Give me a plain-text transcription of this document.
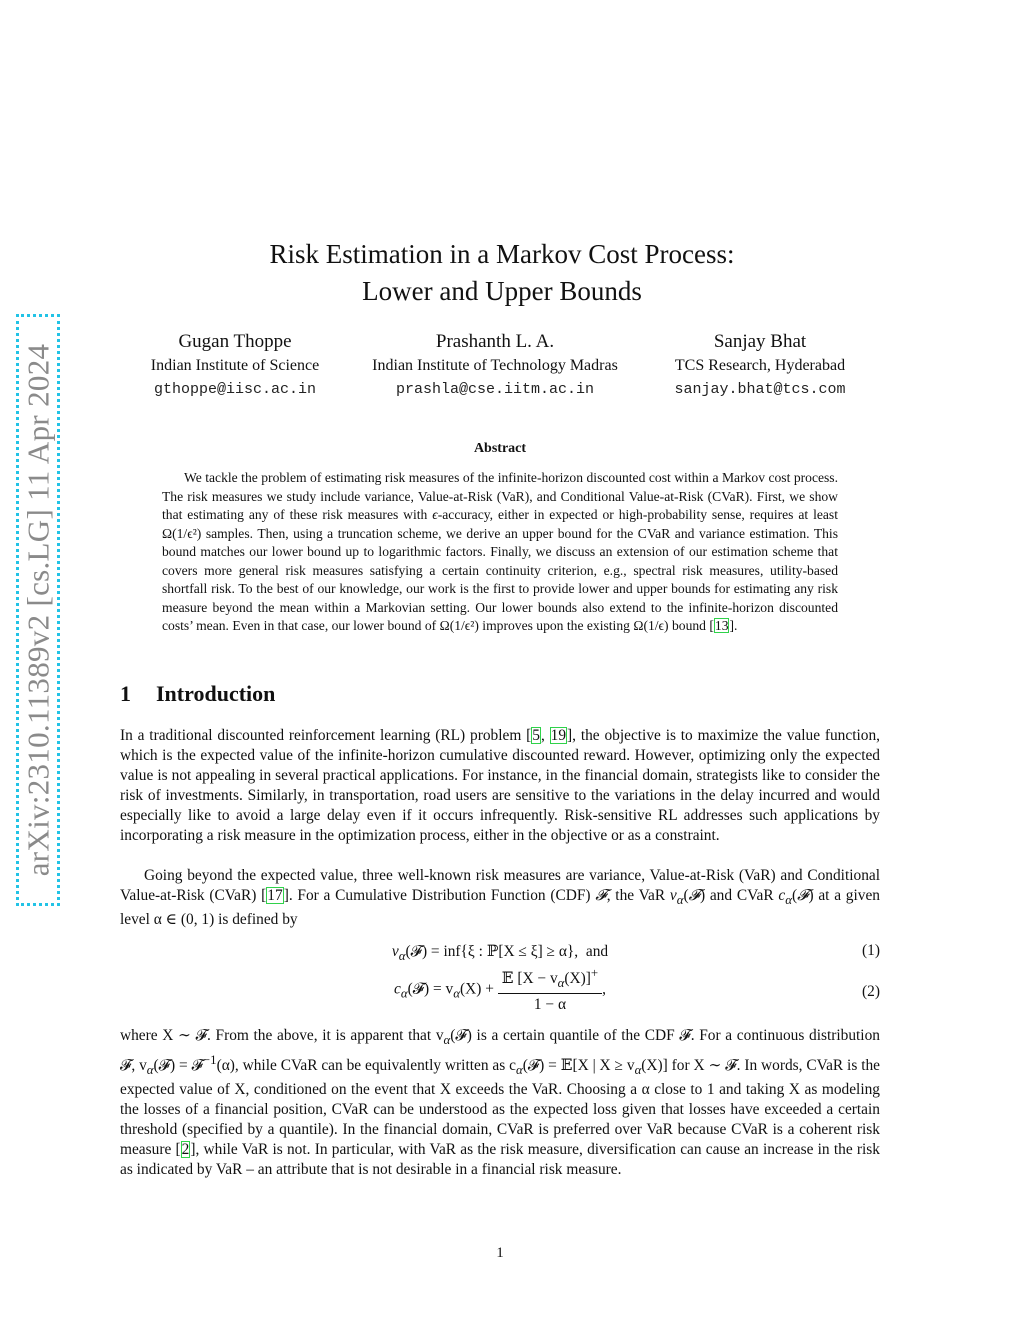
arXiv:2310.11389v2 [cs.LG] 11 Apr 2024
Risk Estimation in a Markov Cost Process:
Lower and Upper Bounds
Gugan Thoppe
Indian Institute of Science
gthoppe@iisc.ac.in
Prashanth L. A.
Indian Institute of Technology Madras
prashla@cse.iitm.ac.in
Sanjay Bhat
TCS Research, Hyderabad
sanjay.bhat@tcs.com
Abstract

We tackle the problem of estimating risk measures of the infinite-horizon discounted cost within a Markov cost process. The risk measures we study include variance, Value-at-Risk (VaR), and Conditional Value-at-Risk (CVaR). First, we show that estimating any of these risk measures with ϵ-accuracy, either in expected or high-probability sense, requires at least Ω(1/ϵ²) samples. Then, using a truncation scheme, we derive an upper bound for the CVaR and variance estimation. This bound matches our lower bound up to logarithmic factors. Finally, we discuss an extension of our estimation scheme that covers more general risk measures satisfying a certain continuity criterion, e.g., spectral risk measures, utility-based shortfall risk. To the best of our knowledge, our work is the first to provide lower and upper bounds for estimating any risk measure beyond the mean within a Markovian setting. Our lower bounds also extend to the infinite-horizon discounted costs’ mean. Even in that case, our lower bound of Ω(1/ϵ²) improves upon the existing Ω(1/ϵ) bound [13].

1 Introduction

In a traditional discounted reinforcement learning (RL) problem [5, 19], the objective is to maximize the value function, which is the expected value of the infinite-horizon cumulative discounted reward. However, optimizing only the expected value is not appealing in several practical applications. For instance, in the financial domain, strategists like to consider the risk of investments. Similarly, in transportation, road users are sensitive to the variations in the delay incurred and would especially like to avoid a large delay even if it occurs infrequently. Risk-sensitive RL addresses such applications by incorporating a risk measure in the optimization process, either in the objective or as a constraint.

Going beyond the expected value, three well-known risk measures are variance, Value-at-Risk (VaR) and Conditional Value-at-Risk (CVaR) [17]. For a Cumulative Distribution Function (CDF) 𝓕, the VaR $v_\alpha(𝓕)$ and CVaR $c_\alpha(𝓕)$ at a given level α ∈ (0, 1) is defined by

$v_\alpha(𝓕) = inf\{\xi$ : ℙ[X ≤ ξ] ≥ α}, and	(1)
$c_\alpha(𝓕) = v_\alpha(X) + \frac{𝔼 [X - v_\alpha(X)]^+}{1 - \alpha}$ ,	(2)

where X ∼ 𝓕. From the above, it is apparent that $v_\alpha(𝓕)$ is a certain quantile of the CDF 𝓕. For a continuous distribution 𝓕, $v_\alpha(𝓕)$ = 𝓕$^{-1}$(α), while CVaR can be equivalently written as $c_\alpha(𝓕)$ = 𝔼[X | $X \ge v_\alpha(X)$] for X ∼ 𝓕. In words, CVaR is the expected value of X, conditioned on the event that X exceeds the VaR. Choosing a α close to 1 and taking X as modeling the losses of a financial position, CVaR can be understood as the expected loss given that losses have exceeded a certain threshold (specified by a quantile). In the financial domain, CVaR is preferred over VaR because CVaR is a coherent risk measure [2], while VaR is not. In particular, with VaR as the risk measure, diversification can cause an increase in the risk as indicated by VaR – an attribute that is not desirable in a financial risk measure.

1
